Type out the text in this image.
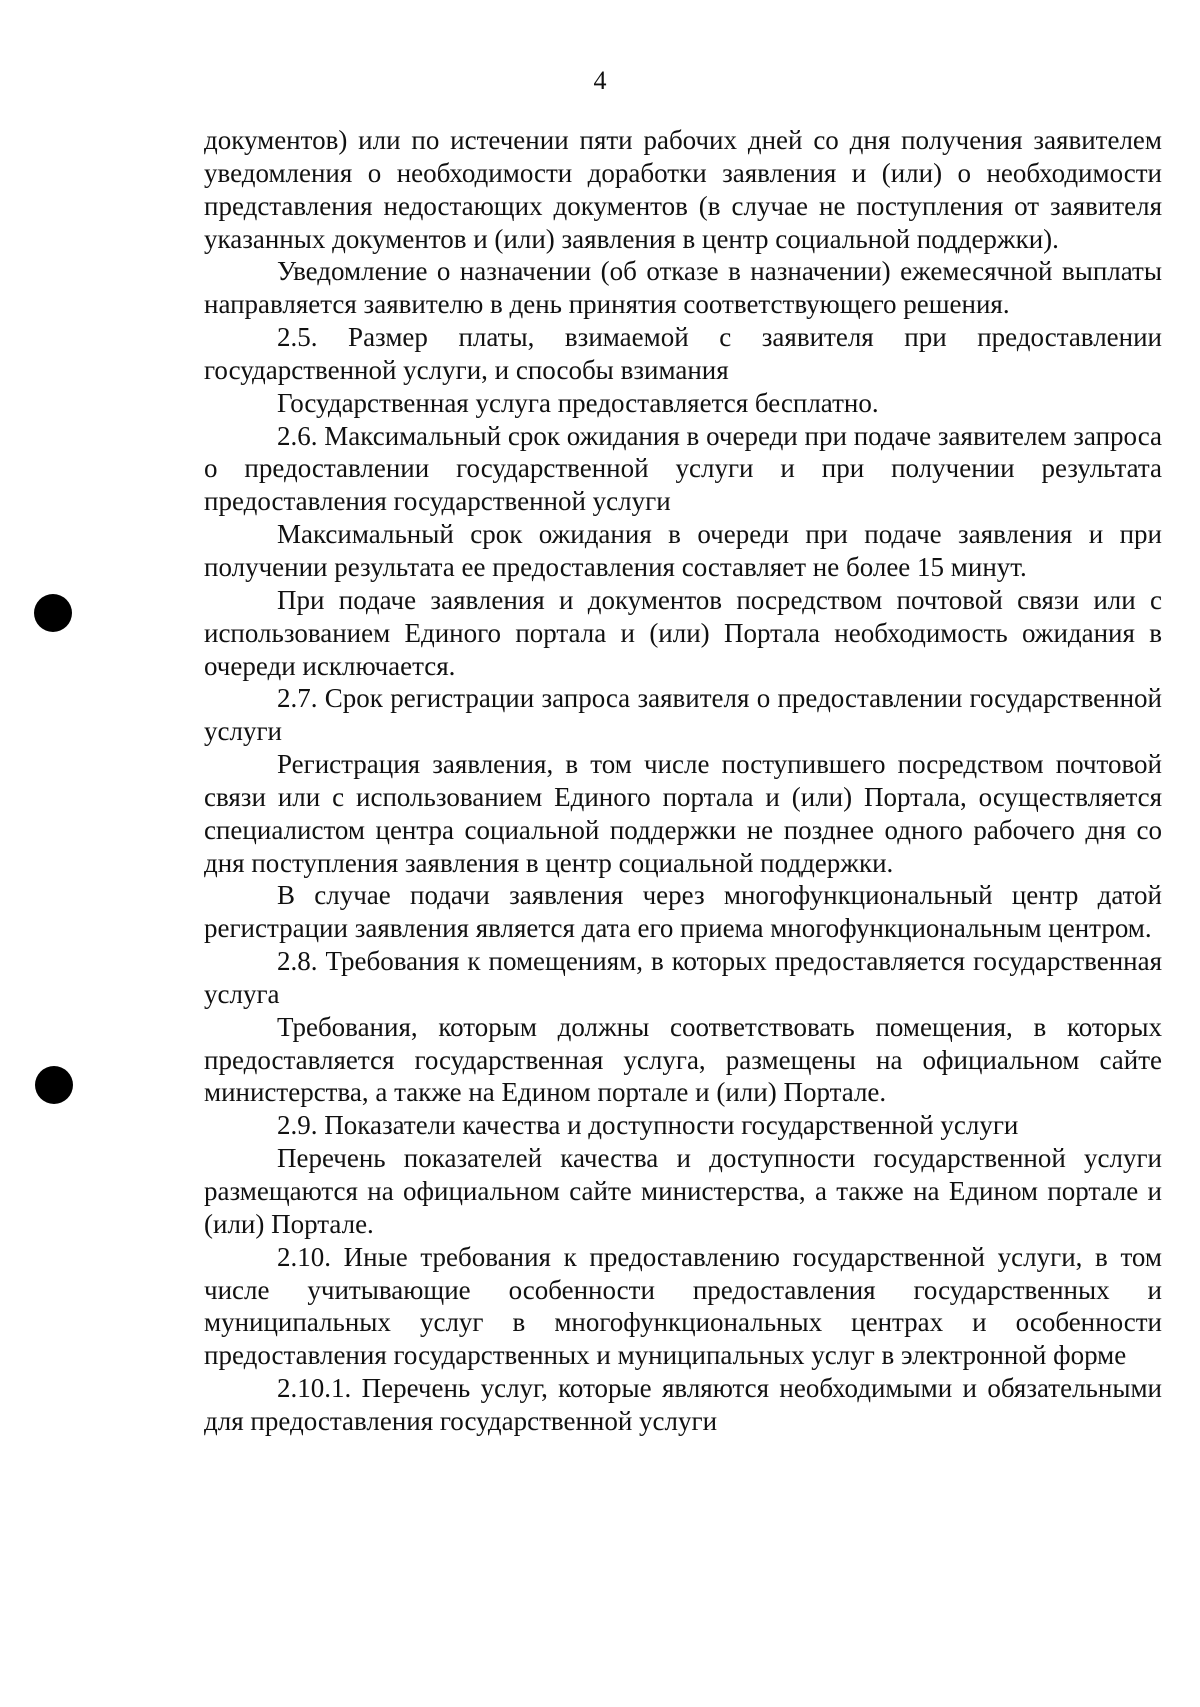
4

документов) или по истечении пяти рабочих дней со дня получения заявителем уведомления о необходимости доработки заявления и (или) о необходимости представления недостающих документов (в случае не поступления от заявителя указанных документов и (или) заявления в центр социальной поддержки).

Уведомление о назначении (об отказе в назначении) ежемесячной выплаты направляется заявителю в день принятия соответствующего решения.

2.5. Размер платы, взимаемой с заявителя при предоставлении государственной услуги, и способы взимания

Государственная услуга предоставляется бесплатно.

2.6. Максимальный срок ожидания в очереди при подаче заявителем запроса о предоставлении государственной услуги и при получении результата предоставления государственной услуги

Максимальный срок ожидания в очереди при подаче заявления и при получении результата ее предоставления составляет не более 15 минут.

При подаче заявления и документов посредством почтовой связи или с использованием Единого портала и (или) Портала необходимость ожидания в очереди исключается.

2.7. Срок регистрации запроса заявителя о предоставлении государственной услуги

Регистрация заявления, в том числе поступившего посредством почтовой связи или с использованием Единого портала и (или) Портала, осуществляется специалистом центра социальной поддержки не позднее одного рабочего дня со дня поступления заявления в центр социальной поддержки.

В случае подачи заявления через многофункциональный центр датой регистрации заявления является дата его приема многофункциональным центром.

2.8. Требования к помещениям, в которых предоставляется государственная услуга

Требования, которым должны соответствовать помещения, в которых предоставляется государственная услуга, размещены на официальном сайте министерства, а также на Едином портале и (или) Портале.

2.9. Показатели качества и доступности государственной услуги

Перечень показателей качества и доступности государственной услуги размещаются на официальном сайте министерства, а также на Едином портале и (или) Портале.

2.10. Иные требования к предоставлению государственной услуги, в том числе учитывающие особенности предоставления государственных и муниципальных услуг в многофункциональных центрах и особенности предоставления государственных и муниципальных услуг в электронной форме

2.10.1. Перечень услуг, которые являются необходимыми и обязательными для предоставления государственной услуги
